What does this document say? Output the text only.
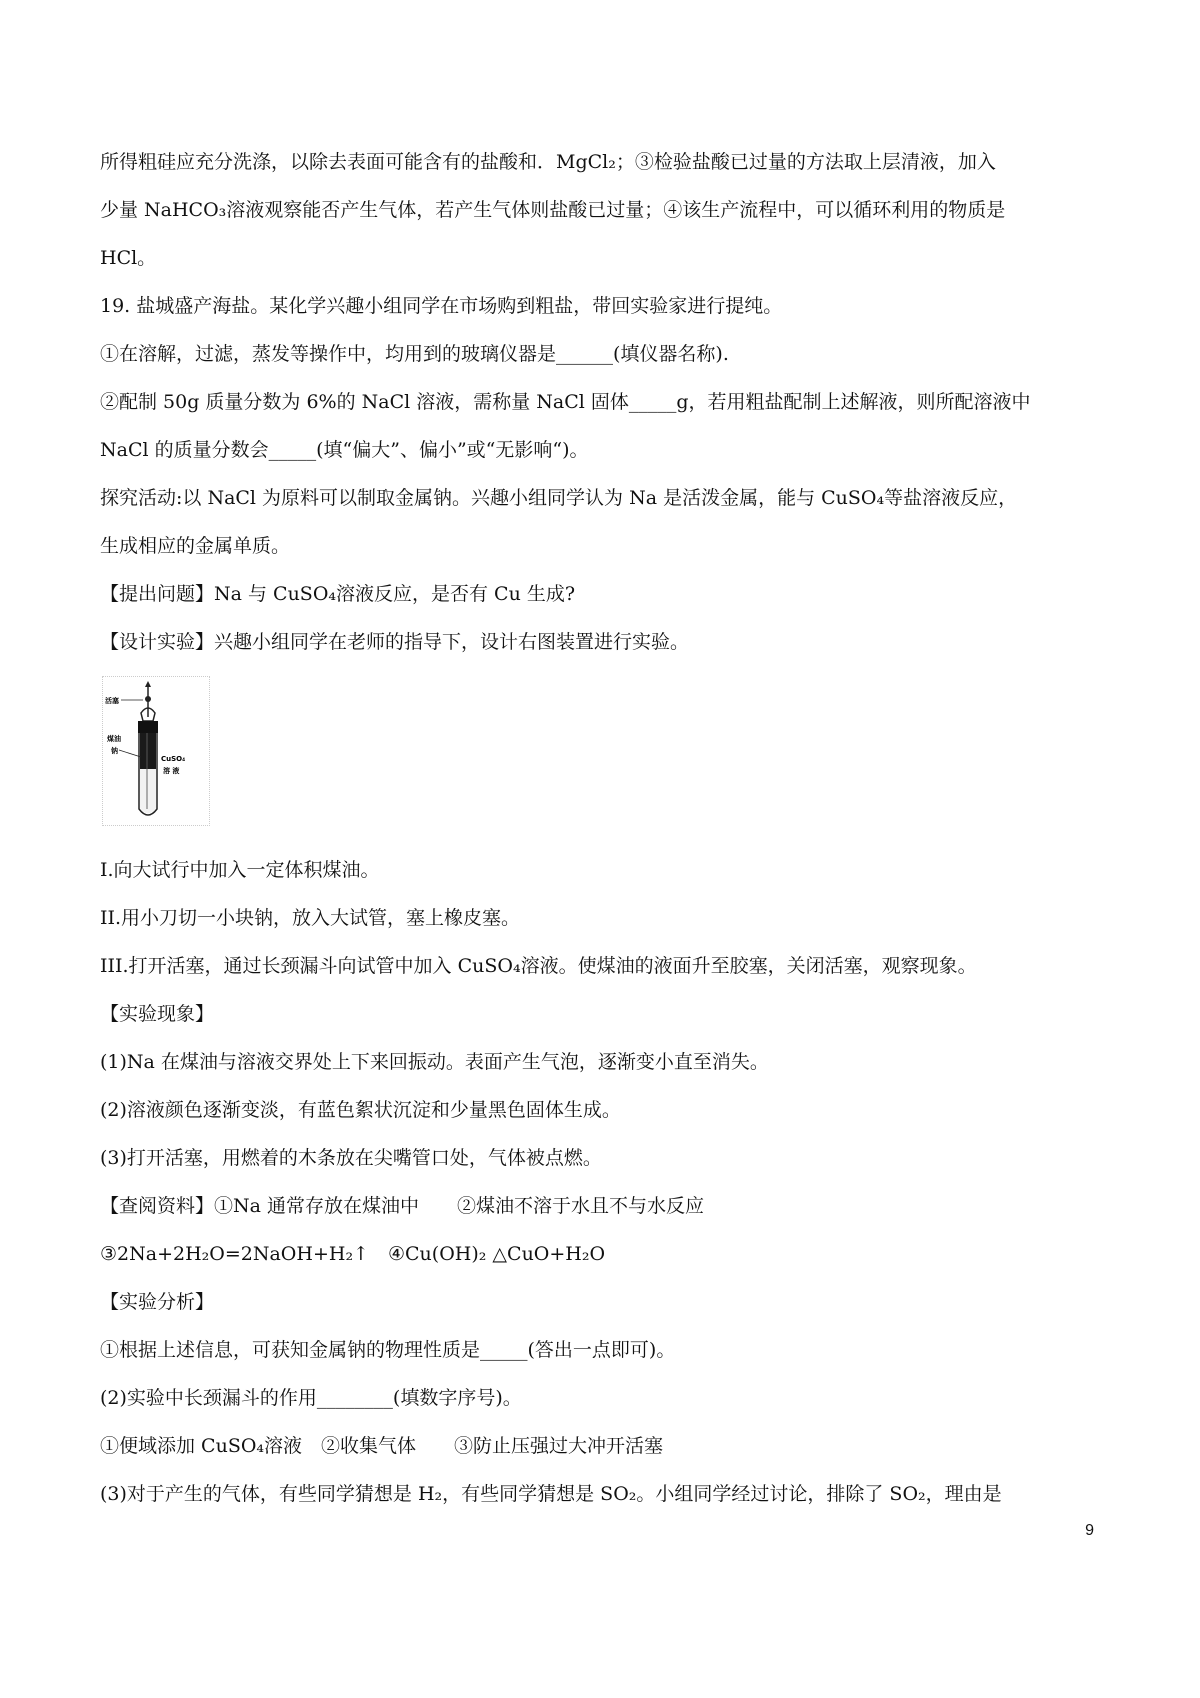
所得粗硅应充分洗涤，以除去表面可能含有的盐酸和．MgCl₂；③检验盐酸已过量的方法取上层清液，加入
少量 NaHCO₃溶液观察能否产生气体，若产生气体则盐酸已过量；④该生产流程中，可以循环利用的物质是
HCl。
19. 盐城盛产海盐。某化学兴趣小组同学在市场购到粗盐，带回实验家进行提纯。
①在溶解，过滤，蒸发等操作中，均用到的玻璃仪器是______(填仪器名称).
②配制 50g 质量分数为 6%的 NaCl 溶液，需称量 NaCl 固体_____g，若用粗盐配制上述解液，则所配溶液中
NaCl 的质量分数会_____(填“偏大”、偏小”或“无影响“)。
探究活动:以 NaCl 为原料可以制取金属钠。兴趣小组同学认为 Na 是活泼金属，能与 CuSO₄等盐溶液反应，
生成相应的金属单质。
【提出问题】Na 与 CuSO₄溶液反应，是否有 Cu 生成?
【设计实验】兴趣小组同学在老师的指导下，设计右图装置进行实验。
活塞
煤油
钠
CuSO₄
溶 液
I.向大试行中加入一定体积煤油。
II.用小刀切一小块钠，放入大试管，塞上橡皮塞。
III.打开活塞，通过长颈漏斗向试管中加入 CuSO₄溶液。使煤油的液面升至胶塞，关闭活塞，观察现象。
【实验现象】
(1)Na 在煤油与溶液交界处上下来回振动。表面产生气泡，逐渐变小直至消失。
(2)溶液颜色逐渐变淡，有蓝色絮状沉淀和少量黑色固体生成。
(3)打开活塞，用燃着的木条放在尖嘴管口处，气体被点燃。
【查阅资料】①Na 通常存放在煤油中　　②煤油不溶于水且不与水反应
③2Na+2H₂O=2NaOH+H₂↑　④Cu(OH)₂ △CuO+H₂O
【实验分析】
①根据上述信息，可获知金属钠的物理性质是_____(答出一点即可)。
(2)实验中长颈漏斗的作用________(填数字序号)。
①便域添加 CuSO₄溶液　②收集气体　　③防止压强过大冲开活塞
(3)对于产生的气体，有些同学猜想是 H₂，有些同学猜想是 SO₂。小组同学经过讨论，排除了 SO₂，理由是
9
